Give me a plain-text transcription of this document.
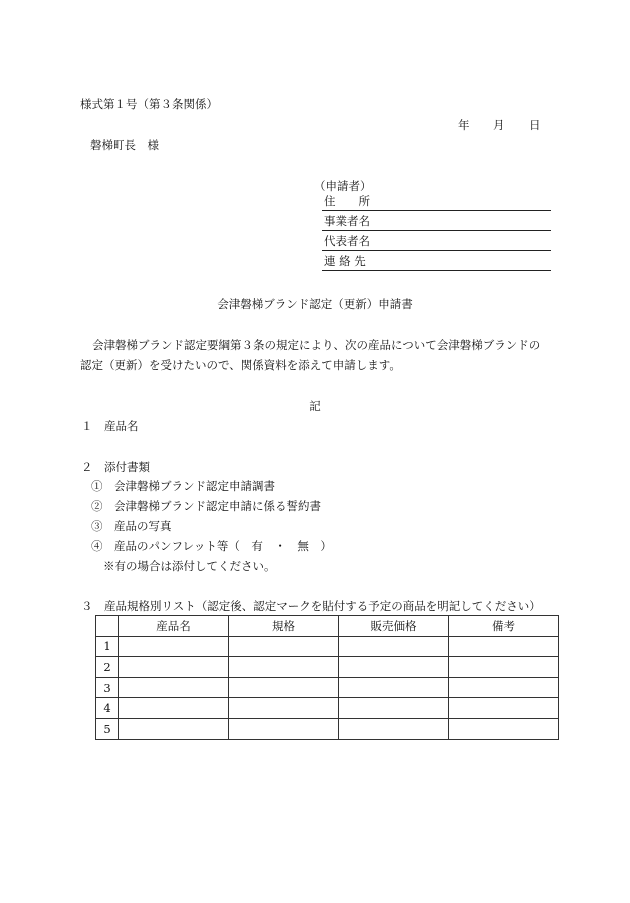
様式第１号（第３条関係）
年 月 日
磐梯町長　様
（申請者）
住　　所
事業者名
代表者名
連 絡 先
会津磐梯ブランド認定（更新）申請書
会津磐梯ブランド認定要綱第３条の規定により、次の産品について会津磐梯ブランドの
認定（更新）を受けたいので、関係資料を添えて申請します。
記
１　産品名
２　添付書類
①　会津磐梯ブランド認定申請調書
②　会津磐梯ブランド認定申請に係る誓約書
③　産品の写真
④　産品のパンフレット等（　有　・　無　）
※有の場合は添付してください。
３　産品規格別リスト（認定後、認定マークを貼付する予定の商品を明記してください）
	産品名	規格	販売価格	備考
1				
2				
3				
4				
5				
